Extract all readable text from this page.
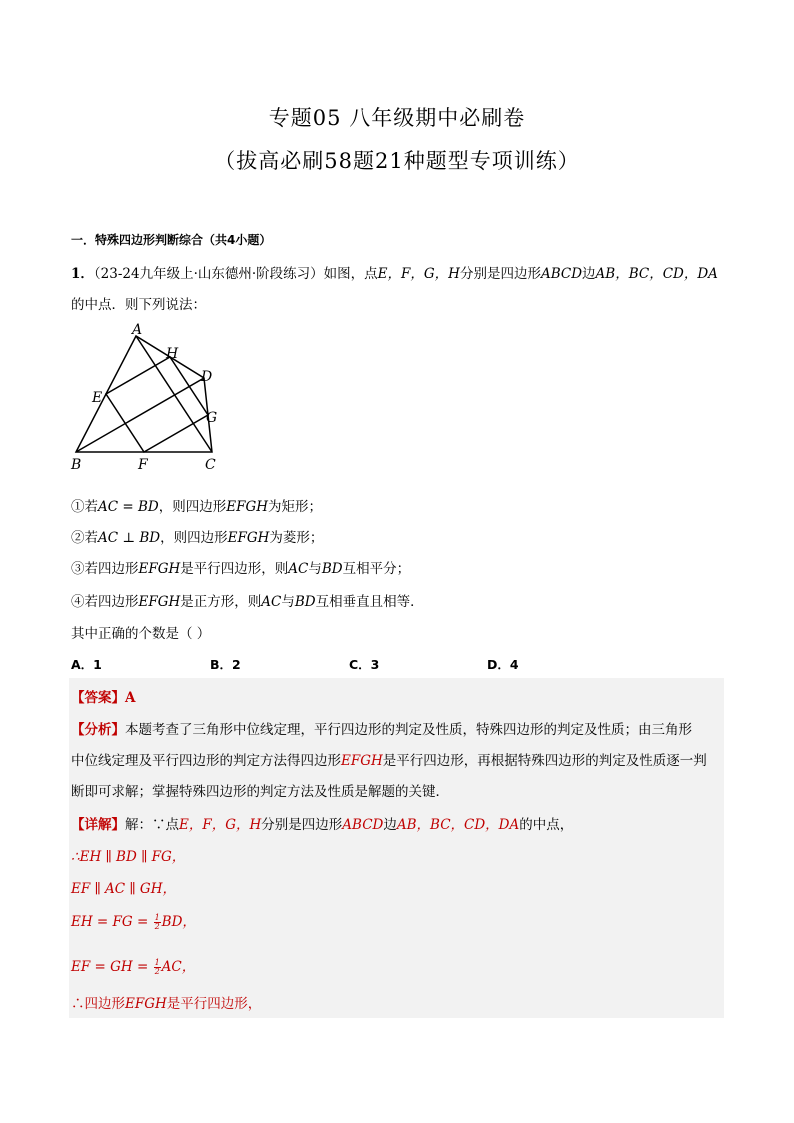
专题05 八年级期中必刷卷
（拔高必刷58题21种题型专项训练）
一．特殊四边形判断综合（共4小题）
1．（23-24九年级上·山东德州·阶段练习）如图，点E，F，G，H分别是四边形ABCD边AB，BC，CD，DA
的中点．则下列说法：
A
H
D
E
G
B	F	C
①若AC = BD，则四边形EFGH为矩形；
②若AC ⊥ BD，则四边形EFGH为菱形；
③若四边形EFGH是平行四边形，则AC与BD互相平分；
④若四边形EFGH是正方形，则AC与BD互相垂直且相等．
其中正确的个数是（ ）
A．1	B．2	C．3	D．4
【答案】A
【分析】本题考查了三角形中位线定理，平行四边形的判定及性质，特殊四边形的判定及性质；由三角形
中位线定理及平行四边形的判定方法得四边形EFGH是平行四边形，再根据特殊四边形的判定及性质逐一判
断即可求解；掌握特殊四边形的判定方法及性质是解题的关键．
【详解】解：∵点E，F，G，H分别是四边形ABCD边AB，BC，CD，DA的中点，
∴EH ∥ BD ∥ FG，
EF ∥ AC ∥ GH，
EH = FG = $\frac{1}{2}$ BD，
EF = GH = $\frac{1}{2}$ AC，
∴四边形EFGH是平行四边形，
